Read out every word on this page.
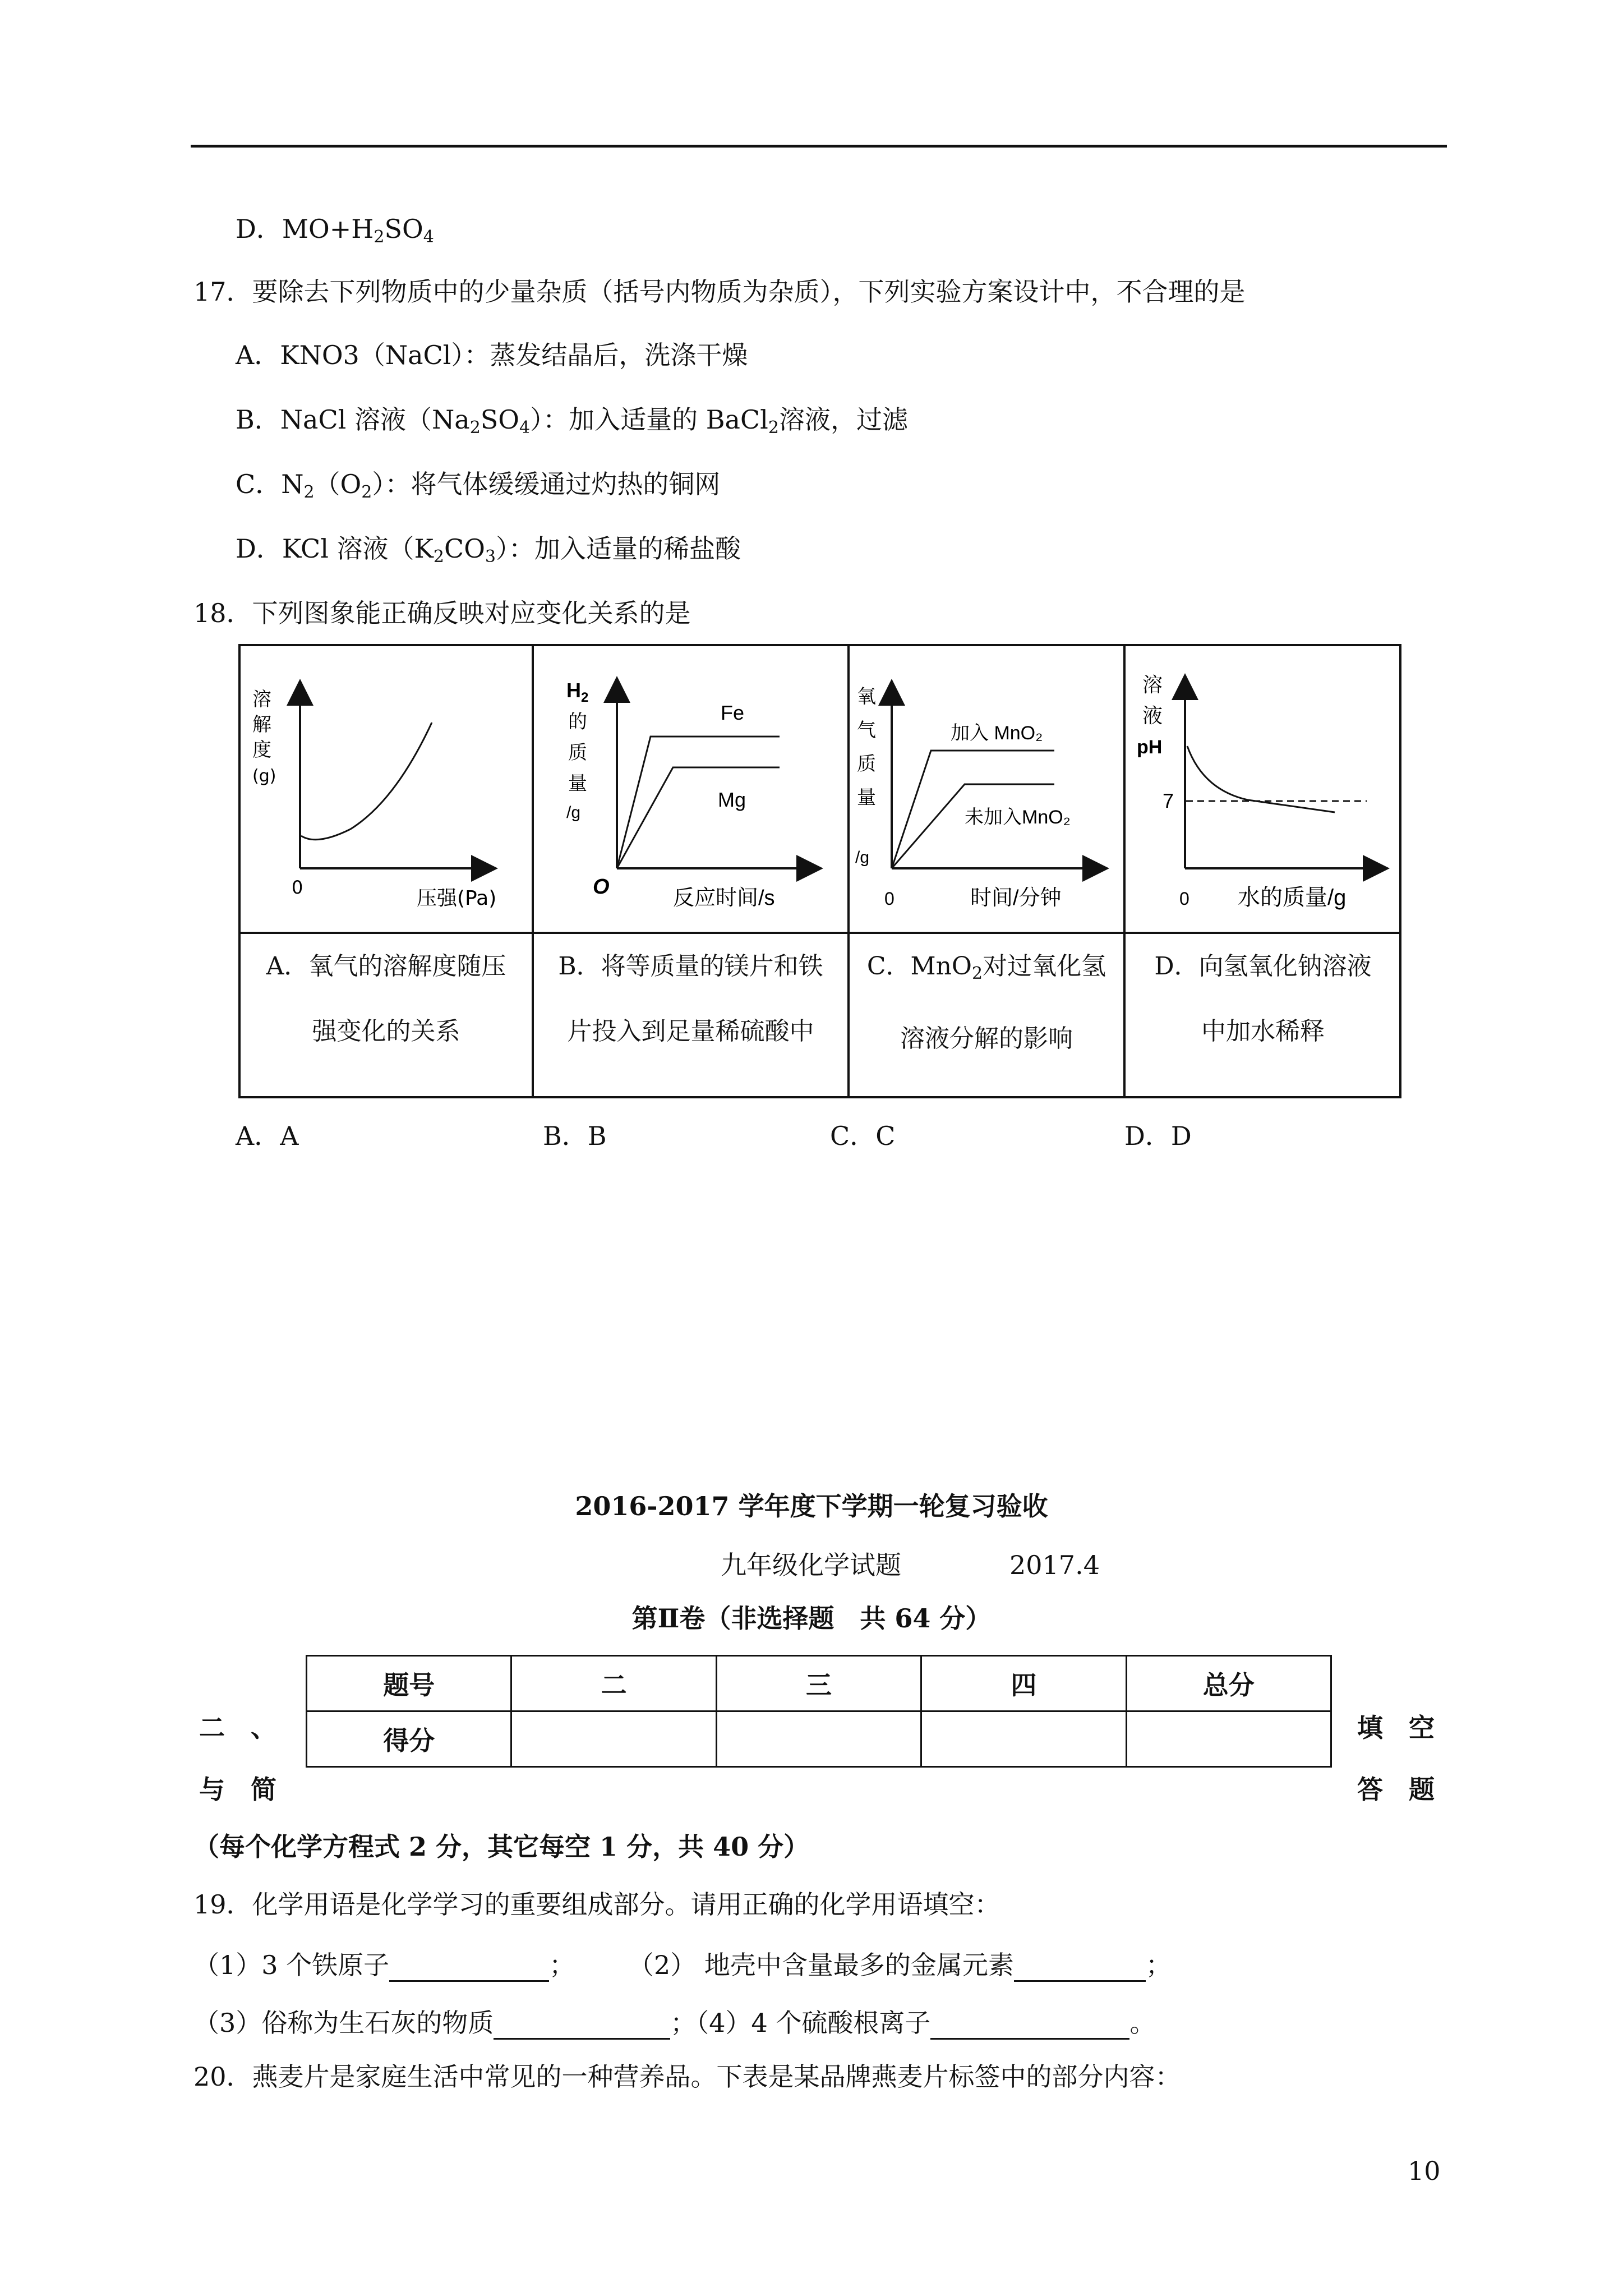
D．$MO+H_2SO_4$
17．要除去下列物质中的少量杂质（括号内物质为杂质），下列实验方案设计中，不合理的是
A．KNO3（NaCl）：蒸发结晶后，洗涤干燥
B．NaCl 溶液$(Na_2SO_4)$：加入适量的 BaCl$_2$溶液，过滤
C．$N_2(O_2)$：将气体缓缓通过灼热的铜网
D．KCl 溶液$(K_2CO_3)$：加入适量的稀盐酸
18．下列图象能正确反映对应变化关系的是
溶
解
度
(g)
0	压强(Pa)
$H_2$
的
质
量
/g
Fe
Mg
O	反应时间/s
氧
气
质
量
/g
加入 MnO₂
未加入MnO₂
0	时间/分钟
溶
液
pH
7
0 水的质量/g
A．氧气的溶解度随压
强变化的关系
B．将等质量的镁片和铁
片投入到足量稀硫酸中
C．MnO$_2$对过氧化氢
溶液分解的影响
D．向氢氧化钠溶液
中加水稀释
A．A	B．B	C．C	D．D
2016-2017 学年度下学期一轮复习验收
九年级化学试题	2017.4
第Ⅱ卷（非选择题　共 64 分）
题号	二	三	四	总分
得分				
二　、
与　简
填　空
答　题
（每个化学方程式 2 分，其它每空 1 分，共 40 分）
19．化学用语是化学学习的重要组成部分。请用正确的化学用语填空：
（1）3 个铁原子	； （2） 地壳中含量最多的金属元素	；
（3）俗称为生石灰的物质	；（4）4 个硫酸根离子	。
20．燕麦片是家庭生活中常见的一种营养品。下表是某品牌燕麦片标签中的部分内容：
10
